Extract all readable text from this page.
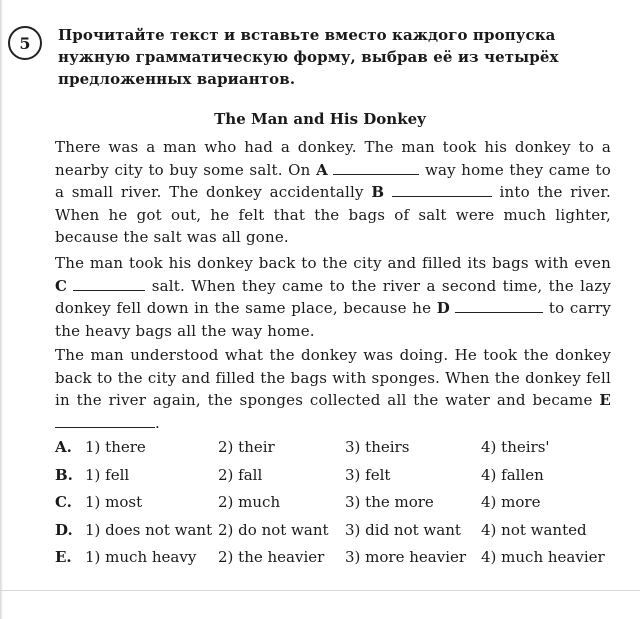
5 Прочитайте текст и вставьте вместо каждого пропуска нужную грамматическую форму, выбрав её из четырёх предложенных вариантов.
The Man and His Donkey

There was a man who had a donkey. The man took his donkey to a nearby city to buy some salt. On A	way home they came to a small river. The donkey accidentally B	into the river. When he got out, he felt that the bags of salt were much lighter, because the salt was all gone.

The man took his donkey back to the city and filled its bags with even C	salt. When they came to the river a second time, the lazy donkey fell down in the same place, because he D	to carry the heavy bags all the way home.

The man understood what the donkey was doing. He took the donkey back to the city and filled the bags with sponges. When the donkey fell in the river again, the sponges collected all the water and became E .

A. 1) there	2) their	3) theirs	4) theirs'
B. 1) fell	2) fall	3) felt	4) fallen
C. 1) most	2) much	3) the more	4) more
D. 1) does not want 2) do not want 3) did not want 4) not wanted
E. 1) much heavy 2) the heavier 3) more heavier 4) much heavier
